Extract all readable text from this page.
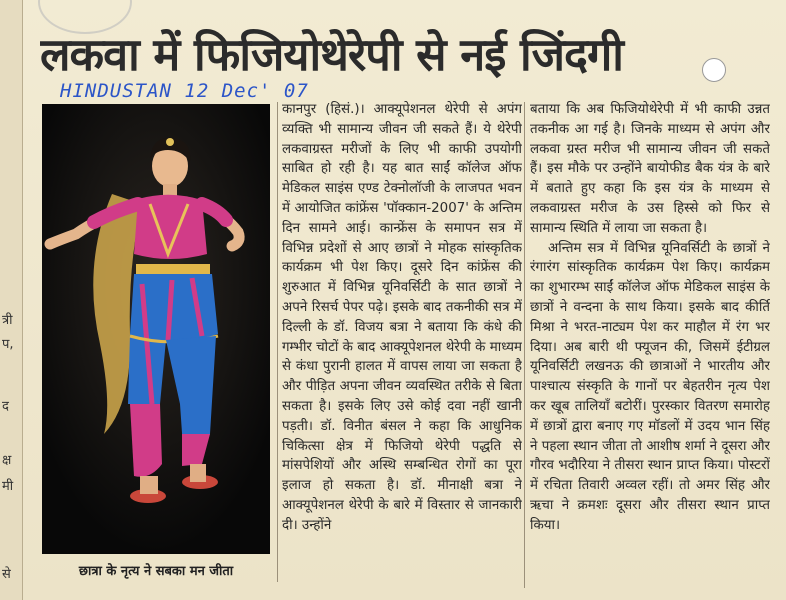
त्री
प,
द
क्ष
मी
से
लकवा में फिजियोथेरेपी से नई जिंदगी
HINDUSTAN 12 Dec' 07
छात्रा के नृत्य ने सबका मन जीता

कानपुर (हिसं.)। आक्यूपेशनल थेरेपी से अपंग व्यक्ति भी सामान्य जीवन जी सकते हैं। ये थेरेपी लकवाग्रस्त मरीजों के लिए भी काफी उपयोगी साबित हो रही है। यह बात साईं कॉलेज ऑफ मेडिकल साइंस एण्ड टेक्नोलॉजी के लाजपत भवन में आयोजित कांफ्रेंस 'पॉक्कान-2007' के अन्तिम दिन सामने आई। कान्फ्रेंस के समापन सत्र में विभिन्न प्रदेशों से आए छात्रों ने मोहक सांस्कृतिक कार्यक्रम भी पेश किए। दूसरे दिन कांफ्रेंस की शुरुआत में विभिन्न यूनिवर्सिटी के सात छात्रों ने अपने रिसर्च पेपर पढ़े। इसके बाद तकनीकी सत्र में दिल्ली के डॉ. विजय बत्रा ने बताया कि कंधे की गम्भीर चोटों के बाद आक्यूपेशनल थेरेपी के माध्यम से कंधा पुरानी हालत में वापस लाया जा सकता है और पीड़ित अपना जीवन व्यवस्थित तरीके से बिता सकता है। इसके लिए उसे कोई दवा नहीं खानी पड़ती। डॉ. विनीत बंसल ने कहा कि आधुनिक चिकित्सा क्षेत्र में फिजियो थेरेपी पद्धति से मांसपेशियों और अस्थि सम्बन्धित रोगों का पूरा इलाज हो सकता है। डॉ. मीनाक्षी बत्रा ने आक्यूपेशनल थेरेपी के बारे में विस्तार से जानकारी दी। उन्होंने

बताया कि अब फिजियोथेरेपी में भी काफी उन्नत तकनीक आ गई है। जिनके माध्यम से अपंग और लकवा ग्रस्त मरीज भी सामान्य जीवन जी सकते हैं। इस मौके पर उन्होंने बायोफीड बैक यंत्र के बारे में बताते हुए कहा कि इस यंत्र के माध्यम से लकवाग्रस्त मरीज के उस हिस्से को फिर से सामान्य स्थिति में लाया जा सकता है।

अन्तिम सत्र में विभिन्न यूनिवर्सिटी के छात्रों ने रंगारंग सांस्कृतिक कार्यक्रम पेश किए। कार्यक्रम का शुभारम्भ साईं कॉलेज ऑफ मेडिकल साइंस के छात्रों ने वन्दना के साथ किया। इसके बाद कीर्ति मिश्रा ने भरत-नाट्यम पेश कर माहौल में रंग भर दिया। अब बारी थी फ्यूजन की, जिसमें ईटीग्रल यूनिवर्सिटी लखनऊ की छात्राओं ने भारतीय और पाश्चात्य संस्कृति के गानों पर बेहतरीन नृत्य पेश कर खूब तालियाँ बटोरीं। पुरस्कार वितरण समारोह में छात्रों द्वारा बनाए गए मॉडलों में उदय भान सिंह ने पहला स्थान जीता तो आशीष शर्मा ने दूसरा और गौरव भदौरिया ने तीसरा स्थान प्राप्त किया। पोस्टरों में रचिता तिवारी अव्वल रहीं। तो अमर सिंह और ऋचा ने क्रमशः दूसरा और तीसरा स्थान प्राप्त किया।
